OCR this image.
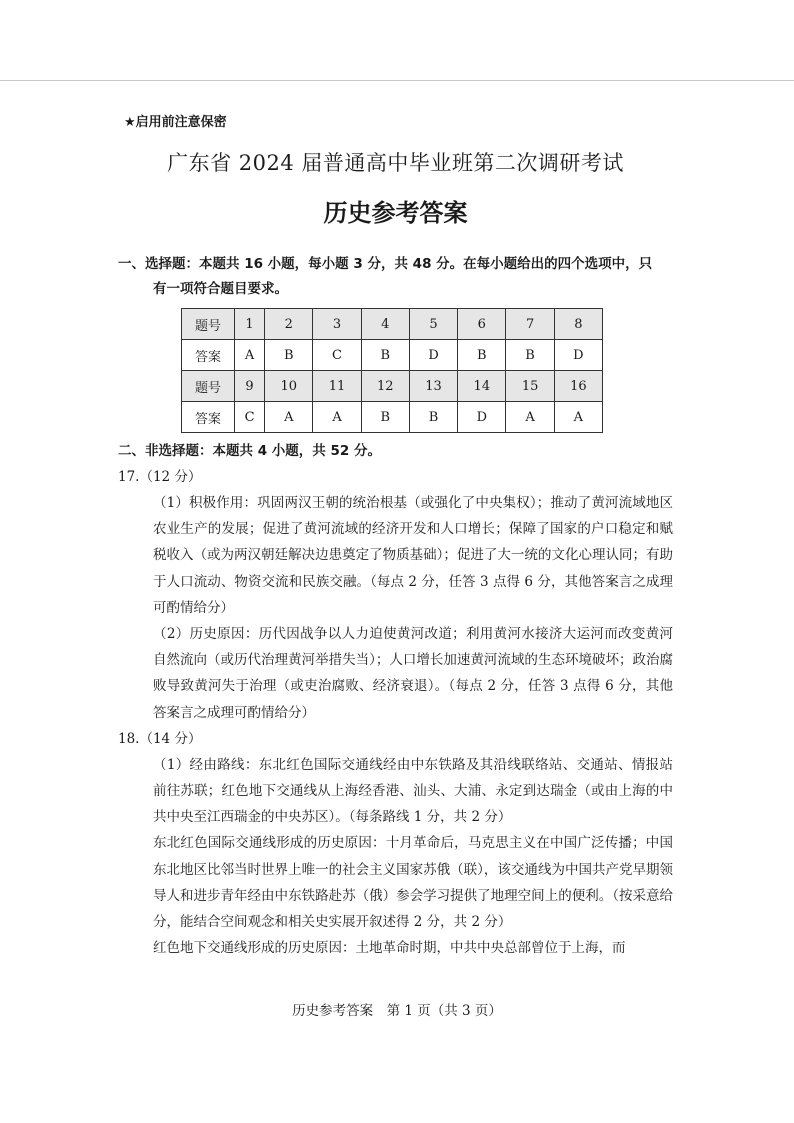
★启用前注意保密
广东省 2024 届普通高中毕业班第二次调研考试
历史参考答案
一、选择题：本题共 16 小题，每小题 3 分，共 48 分。在每小题给出的四个选项中，只
有一项符合题目要求。
题号	1	2	3	4	5	6	7	8
答案	A	B	C	B	D	B	B	D
题号	9	10	11	12	13	14	15	16
答案	C	A	A	B	B	D	A	A
二、非选择题：本题共 4 小题，共 52 分。
17.（12 分）
（1）积极作用：巩固两汉王朝的统治根基（或强化了中央集权）；推动了黄河流域地区农业生产的发展；促进了黄河流域的经济开发和人口增长；保障了国家的户口稳定和赋税收入（或为两汉朝廷解决边患奠定了物质基础）；促进了大一统的文化心理认同；有助于人口流动、物资交流和民族交融。（每点 2 分，任答 3 点得 6 分，其他答案言之成理可酌情给分）
（2）历史原因：历代因战争以人力迫使黄河改道；利用黄河水接济大运河而改变黄河自然流向（或历代治理黄河举措失当）；人口增长加速黄河流域的生态环境破坏；政治腐败导致黄河失于治理（或吏治腐败、经济衰退）。（每点 2 分，任答 3 点得 6 分，其他答案言之成理可酌情给分）
18.（14 分）
（1）经由路线：东北红色国际交通线经由中东铁路及其沿线联络站、交通站、情报站前往苏联；红色地下交通线从上海经香港、汕头、大浦、永定到达瑞金（或由上海的中共中央至江西瑞金的中央苏区）。（每条路线 1 分，共 2 分）
东北红色国际交通线形成的历史原因：十月革命后，马克思主义在中国广泛传播；中国东北地区比邻当时世界上唯一的社会主义国家苏俄（联），该交通线为中国共产党早期领导人和进步青年经由中东铁路赴苏（俄）参会学习提供了地理空间上的便利。（按采意给分，能结合空间观念和相关史实展开叙述得 2 分，共 2 分）
红色地下交通线形成的历史原因：土地革命时期，中共中央总部曾位于上海，而
历史参考答案　第 1 页（共 3 页）
